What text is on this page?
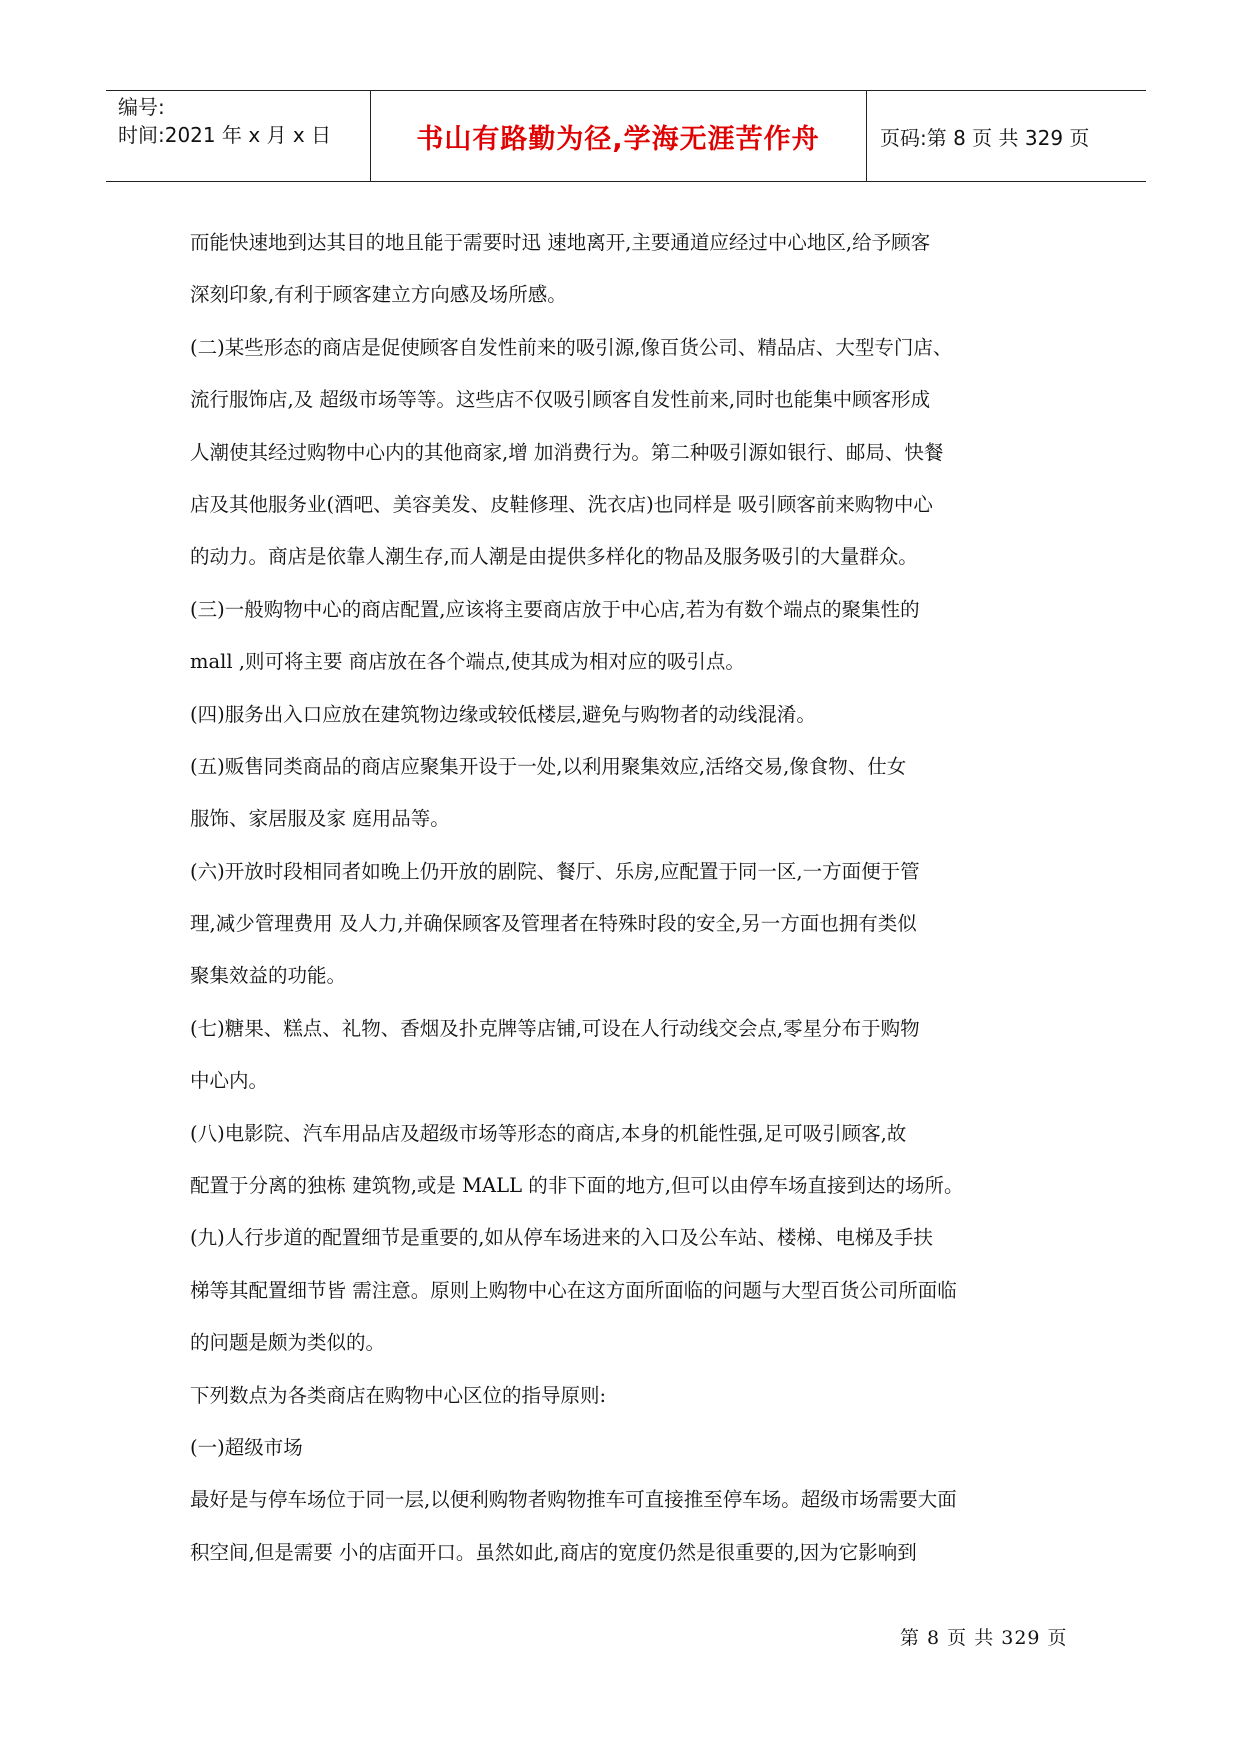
编号:
时间:2021 年 x 月 x 日	书山有路勤为径,学海无涯苦作舟	页码:第 8 页 共 329 页
而能快速地到达其目的地且能于需要时迅 速地离开,主要通道应经过中心地区,给予顾客
深刻印象,有利于顾客建立方向感及场所感。
(二)某些形态的商店是促使顾客自发性前来的吸引源,像百货公司、精品店、大型专门店、
流行服饰店,及 超级市场等等。这些店不仅吸引顾客自发性前来,同时也能集中顾客形成
人潮使其经过购物中心内的其他商家,增 加消费行为。第二种吸引源如银行、邮局、快餐
店及其他服务业(酒吧、美容美发、皮鞋修理、洗衣店)也同样是 吸引顾客前来购物中心
的动力。商店是依靠人潮生存,而人潮是由提供多样化的物品及服务吸引的大量群众。
(三)一般购物中心的商店配置,应该将主要商店放于中心店,若为有数个端点的聚集性的
mall ,则可将主要 商店放在各个端点,使其成为相对应的吸引点。
(四)服务出入口应放在建筑物边缘或较低楼层,避免与购物者的动线混淆。
(五)贩售同类商品的商店应聚集开设于一处,以利用聚集效应,活络交易,像食物、仕女
服饰、家居服及家 庭用品等。
(六)开放时段相同者如晚上仍开放的剧院、餐厅、乐房,应配置于同一区,一方面便于管
理,减少管理费用 及人力,并确保顾客及管理者在特殊时段的安全,另一方面也拥有类似
聚集效益的功能。
(七)糖果、糕点、礼物、香烟及扑克牌等店铺,可设在人行动线交会点,零星分布于购物
中心内。
(八)电影院、汽车用品店及超级市场等形态的商店,本身的机能性强,足可吸引顾客,故
配置于分离的独栋 建筑物,或是 MALL 的非下面的地方,但可以由停车场直接到达的场所。
(九)人行步道的配置细节是重要的,如从停车场进来的入口及公车站、楼梯、电梯及手扶
梯等其配置细节皆 需注意。原则上购物中心在这方面所面临的问题与大型百货公司所面临
的问题是颇为类似的。
下列数点为各类商店在购物中心区位的指导原则:
(一)超级市场
最好是与停车场位于同一层,以便利购物者购物推车可直接推至停车场。超级市场需要大面
积空间,但是需要 小的店面开口。虽然如此,商店的宽度仍然是很重要的,因为它影响到
第 8 页 共 329 页
